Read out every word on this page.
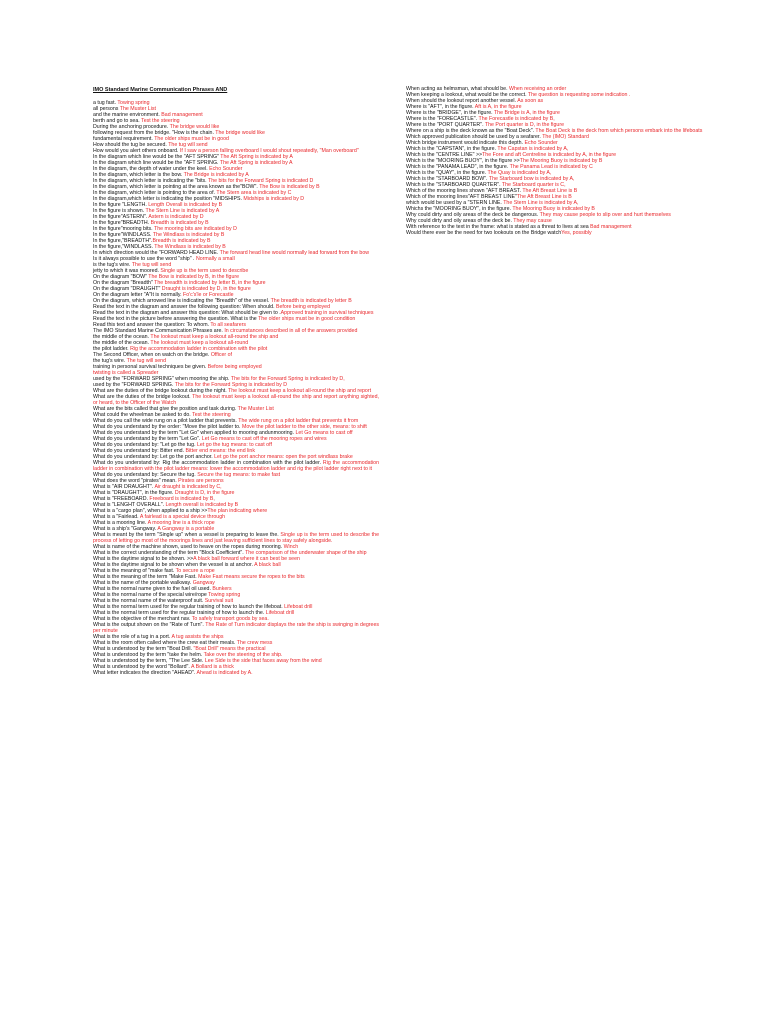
IMO Standard Marine Communication Phrases AND
a tug fast. Towing spring
all persons The Muster List
and the marine environment. Bad management
berth and go to sea. Test the steering
During the anchoring procedure. The bridge would like
following request from the bridge. "How is the chain. The bridge would like
fundamental requirement. The older ships must be in good
How should the tug be secured. The tug will send
How would you alert others onboard. If I saw a person falling overboard I would shout repeatedly, "Man overboard"
In the diagram which line would be the "AFT SPRING" The Aft Spring is indicated by A
In the diagram which line would be the "AFT SPRING. The Aft Spring is indicated by A
In the diagram, the depth of water under the keel. Echo Sounder
In the diagram, which letter is the bow. The Bridge is indicated by A
In the diagram, which letter is indicating the "bits. The bits for the Forward Spring is indicated D
In the diagram, which letter is pointing at the area known as the"BOW". The Bow is indicated by B
In the diagram, which letter is pointing to the area of. The Stern area is indicated by C
In the diagram,which letter is indicating the position "MIDSHIPS. Midships is indicated by D
In the figure "LENGTH. Length Overall is indicated by B
In the figure is shown. The Stern Line is indicated by A
In the figure"ASTERN". Astern is indicated by D
In the figure"BREADTH. Breadth is indicated by B
In the figure"mooring bits. The mooring bits are indicated by D
In the figure"WINDLASS. The Windlass is indicated by B
In the figure,"BREADTH".Breadth is indicated by B
In the figure,"WINDLASS. The Windlass is indicated by B
In which direction would the "FORWARD HEAD LINE. The forward head line would normally lead forward from the bow
Is it always possible to use the word "ship" . Normally a small
is the tug's wire. The tug will send
jetty to which it was moored. Single up is the term used to describe
On the diagram "BOW" The Bow is indicated by B, in the figure
On the diagram "Breadth" The breadth is indicated by letter B, in the figure
On the diagram "DRAUGHT" Draught is indicated by D, in the figure
On the diagram letter "A"It is normally. Fo'c's'le or Forecastle
On the diagram, which arrowed line is indicating the "Breadth" of the vessel. The breadth is indicated by letter B
Read the text in the diagram and answer the following question: When should. Before being employed
Read the text in the diagram and answer this question: What should be given to .Approved training in survival techniques
Read the text in the picture before answering the question. What is the The older ships must be in good condition
Read this text and answer the question: To whom. To all seafarers
The IMO Standard Marine Communication Phrases are. In circumstances described in all of the answers provided
the middle of the ocean. The lookout must keep a lookout all-round the ship and
the middle of the ocean. The lookout must keep a lookout all-round
the pilot ladder. Rig the accommodation ladder in combination with the pilot
The Second Officer, when on watch on the bridge. Officer of
the tug's wire. The tug will send
training in personal survival techniques be given. Before being employed
twisting is called a Spreader
used by the "FORWARD SPRING" when mooring the ship. The bits for the Forward Spring is indicated by D,
used by the "FORWARD SPRING. The bits for the Forward Spring is indicated by D
What are the duties of the bridge lookout during the night. The lookout must keep a lookout all-round the ship and report
What are the duties of the bridge lookout. The lookout must keep a lookout all-round the ship and report anything sighted, or heard, to the Officer of the Watch
What are the bits called that give the position and task during. The Muster List
What could the wheelman be asked to do. Test the steering
What do you call the wide rung on a pilot ladder that prevents. The wide rung on a pilot ladder that prevents it from
What do you understand by the order: "Move the pilot ladder to. Move the pilot ladder to the other side, means: to shift
What do you understand by the term "Let Go" when applied to mooring andunmooring. Let Go means to cast off
What do you understand by the term "Let Go". Let Go means to cast off the mooring ropes and wires
What do you understand by: "Let go the tug. Let go the tug means: to cast off
What do you understand by: Bitter end. Bitter end means: the end link
What do you understand by: Let go the port anchor. Let go the port anchor means: open the port windlass brake
What do you understand by: Rig the accommodation ladder in combination with the pilot ladder. Rig the accommodation ladder in combination with the pilot ladder means: lower the accommodation ladder and rig the pilot ladder right next to it
What do you understand by: Secure the tug. Secure the tug means: to make fast
What does the word "pirates" mean. Pirates are persons
What is "AIR DRAUGHT". Air draught is indicated by C,
What is "DRAUGHT", in the figure. Draught is D, in the figure
What is "FREEBOARD. Freeboard is indicated by B,
What is "LENGHT OVERALL". Length overall is indicated by B
What is a "cargo plan", when applied to a ship >>The plan indicating where
What is a "Fairlead. A fairlead is a special device through
What is a mooring line. A mooring line is a thick rope
What is a ship's "Gangway. A Gangway is a portable
What is meant by the term "Single up" when a vessel is preparing to leave the. Single up is the term used to describe the process of letting go most of the moorings lines and just leaving sufficient lines to stay safely alongside.
What is name of the machine shown, used to heave on the ropes during mooring. Winch
What is the correct understanding of the term "Block Coefficient". The comparison of the underwater shape of the ship
What is the daytime signal to be shown. >>A black ball forward where it can best be seen
What is the daytime signal to be shown when the vessel is at anchor. A black ball
What is the meaning of "make fast. To secure a rope
What is the meaning of the term "Make Fast. Make Fast means secure the ropes to the bits
What is the name of the portable walkway. Gangway
What is the normal name given to the fuel oil used. Bunkers
What is the normal name of the special wire/rope Towing spring
What is the normal name of the waterproof suit. Survival suit
What is the normal term used for the regular training of how to launch the lifeboat. Lifeboat drill
What is the normal term used for the regular training of how to launch the. Lifeboat drill
What is the objective of the merchant nav. To safely transport goods by sea.
What is the output shown on the "Rate of Turn". The Rate of Turn indicator displays the rate the ship is swinging in degrees per minute
What is the role of a tug in a port. A tug assists the ships
What is the room often called where the crew eat their meals. The crew mess
What is understood by the term "Boat Drill. "Boat Drill" means the practical
What is understood by the term "take the helm. Take over the steering of the ship.
What is understood by the term, "The Lee Side. Lee Side is the side that faces away from the wind
What is understood by the word "Bollard". A Bollard is a thick
What letter indicates the direction "AHEAD". Ahead is indicated by A.
When acting as helmsman, what should be. When receiving an order
When keeping a lookout, what would be the correct. The question is requesting some indication .
When should the lookout report another vessel. As soon as
Where is "AFT", in the figure. Aft is A, in the figure
Where is the "BRIDGE", in the figure. The Bridge is A, in the figure
Where is the "FORECASTLE". The Forecastle is indicated by B,
Where is the "PORT QUARTER". The Port quarter is D, in the figure
Where on a ship is the deck known as the "Boat Deck". The Boat Deck is the deck from which persons embark into the lifeboats
Which approved publication should be used by a seafarer. The (IMO) Standard
Which bridge instrument would indicate this depth. Echo Sounder
Which is the "CAPSTAN", in the figure. The Capstan is indicated by A,
Which is the "CENTRE LINE" >>The Fore and aft Centreline is indicated by A, in the figure
Which is the "MOORING BUOY", in the figure >>The Mooring Buoy is indicated by B
Which is the "PANAMA LEAD", in the figure. The Panama Lead is indicated by C
Which is the "QUAY", in the figure. The Quay is indicated by A,
Which is the "STARBOARD BOW". The Starboard bow is indicated by A,
Which is the "STARBOARD QUARTER". The Starboard quarter is C,
Which of the mooring lines shown "AFT BREAST. The Aft Breast Line is B
Which of the mooring lines"AFT BREAST LINE"The Aft Breast Line is B
which would be used by a "STERN LINE. The Stern Line is indicated by A,
Whichs the "MOORING BUOY", in the figure. The Mooring Buoy is indicated by B
Why could dirty and oily areas of the deck be dangerous. They may cause people to slip over and hurt themselves
Why could dirty and oily areas of the deck be. They may cause
With reference to the text in the frame: what is stated as a threat to lives at sea Bad management
Would there ever be the need for two lookouts on the Bridge watchYes, possibly
